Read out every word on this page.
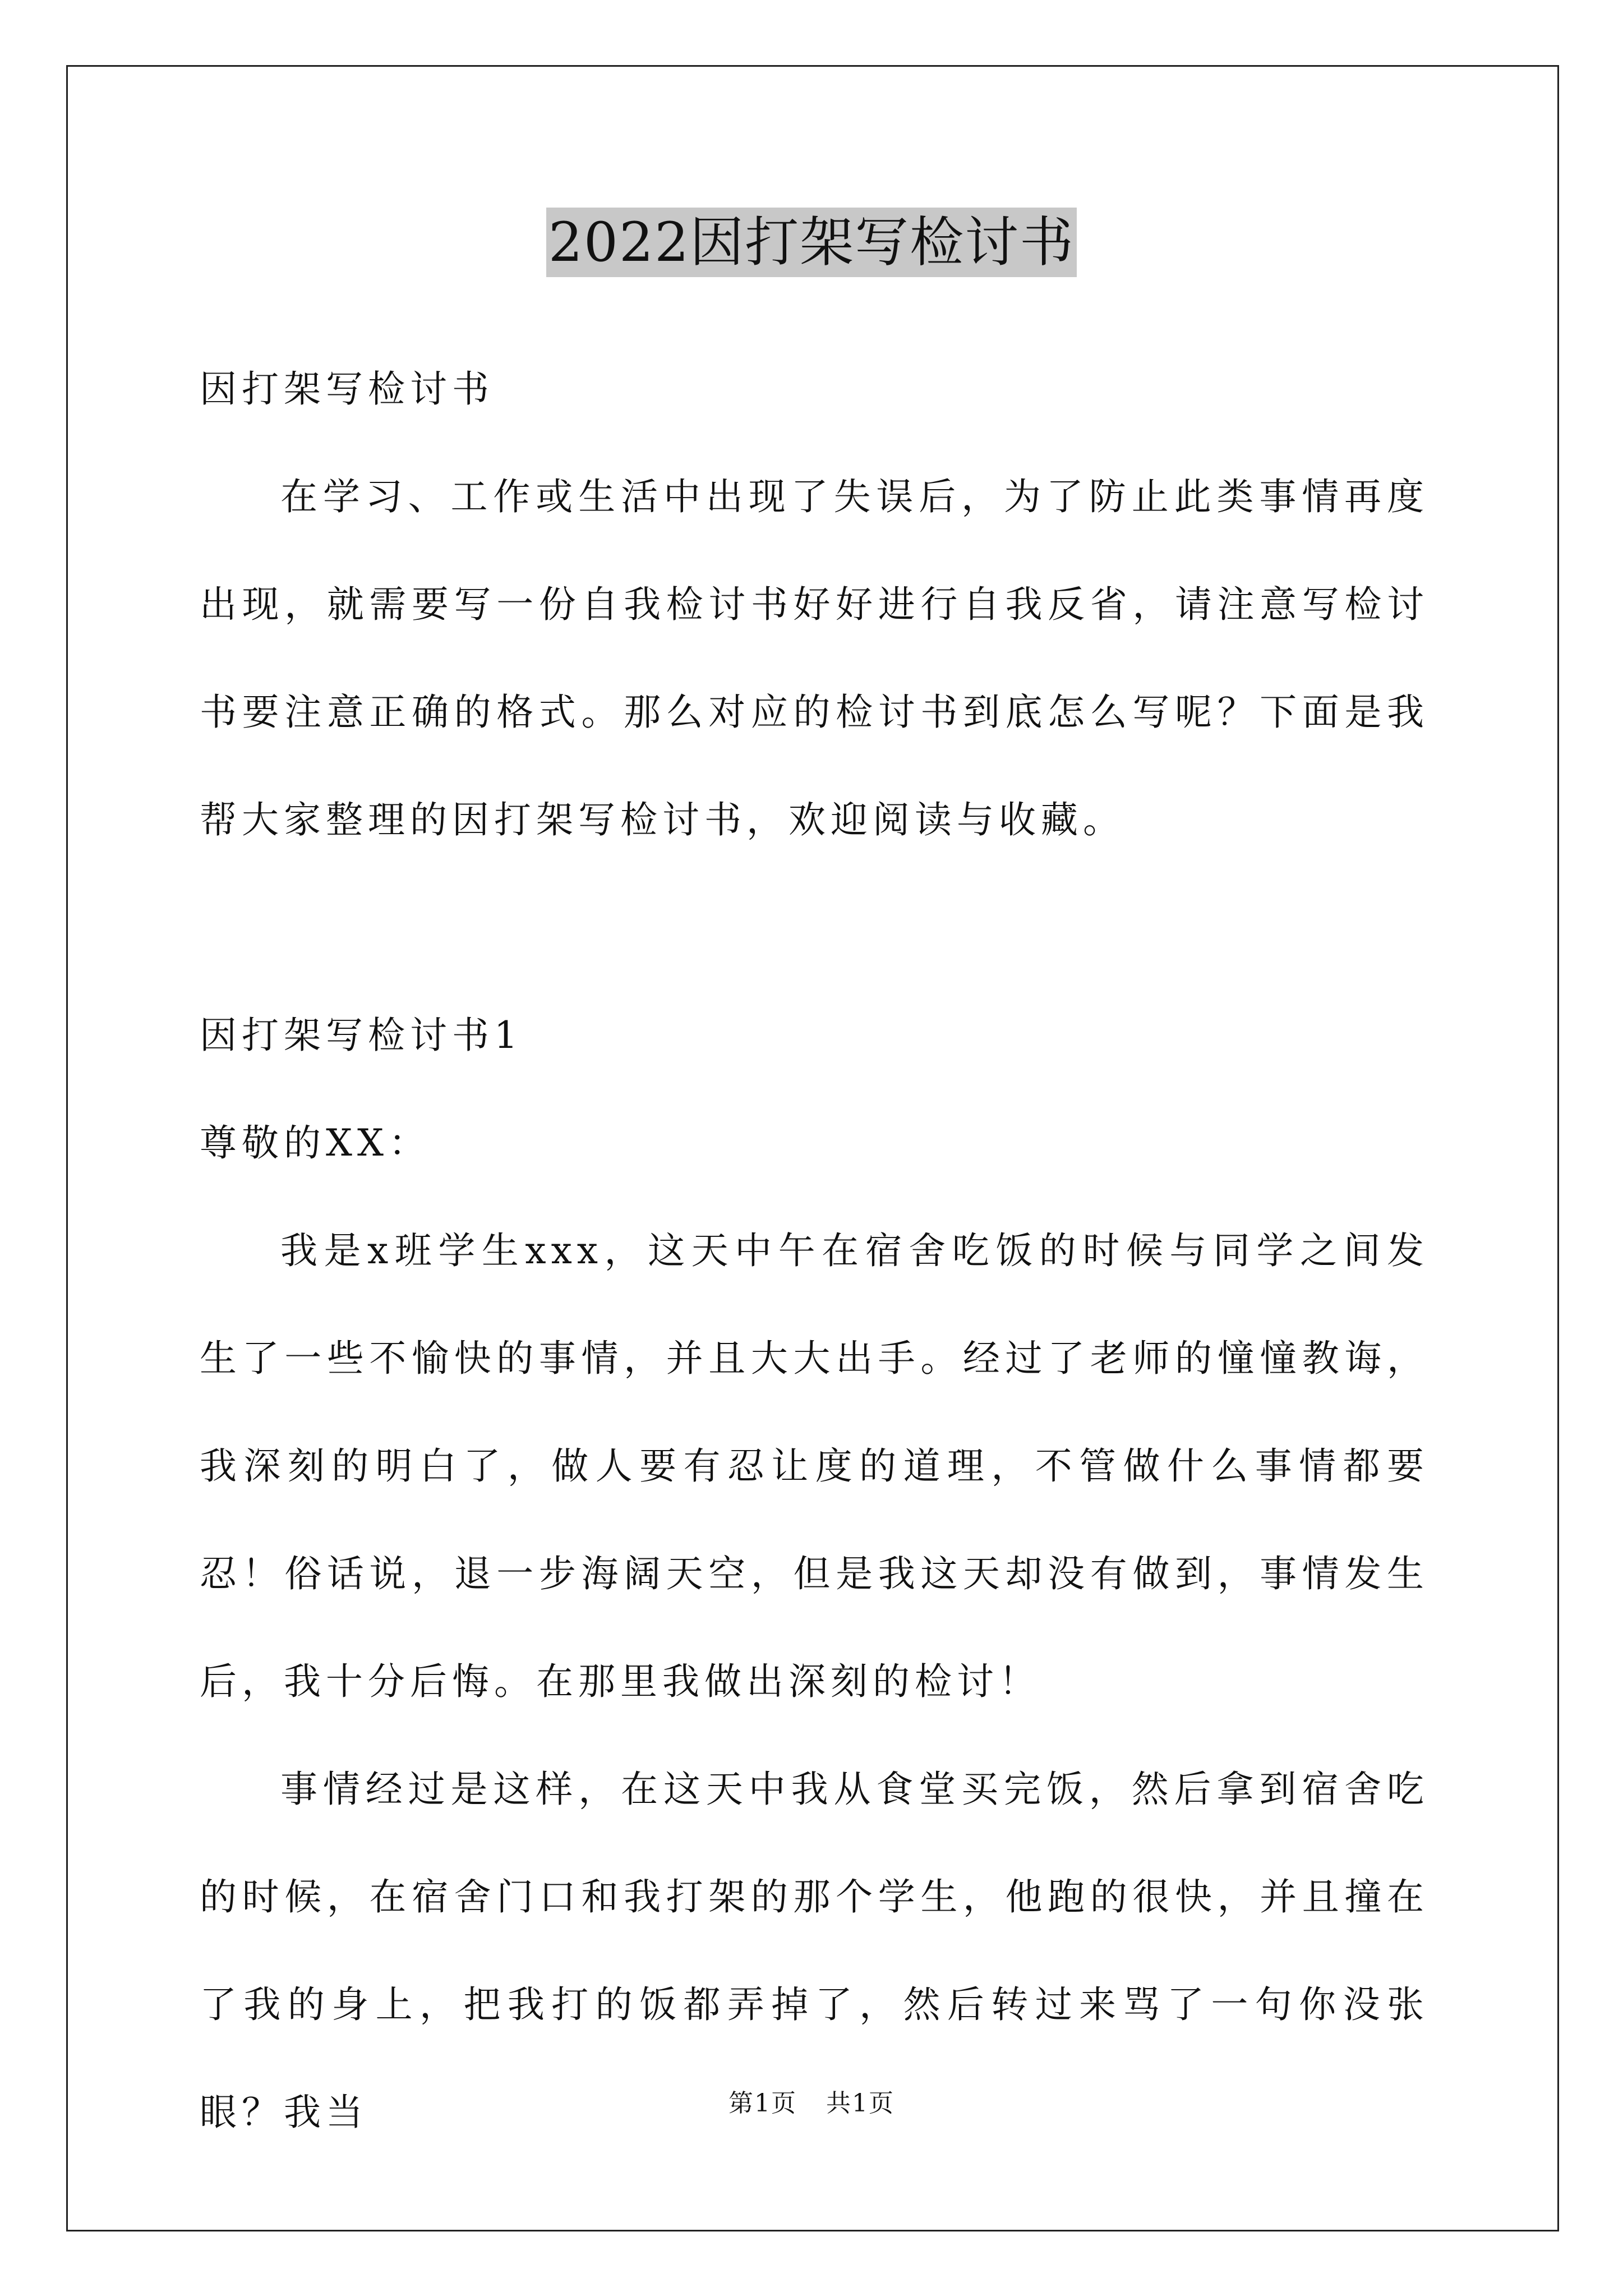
2022因打架写检讨书

因打架写检讨书

在学习、工作或生活中出现了失误后，为了防止此类事情再度出现，就需要写一份自我检讨书好好进行自我反省，请注意写检讨书要注意正确的格式。那么对应的检讨书到底怎么写呢？下面是我帮大家整理的因打架写检讨书，欢迎阅读与收藏。

因打架写检讨书1

尊敬的XX：

我是x班学生xxx，这天中午在宿舍吃饭的时候与同学之间发生了一些不愉快的事情，并且大大出手。经过了老师的憧憧教诲，我深刻的明白了，做人要有忍让度的道理，不管做什么事情都要忍！俗话说，退一步海阔天空，但是我这天却没有做到，事情发生后，我十分后悔。在那里我做出深刻的检讨！

事情经过是这样，在这天中我从食堂买完饭，然后拿到宿舍吃的时候，在宿舍门口和我打架的那个学生，他跑的很快，并且撞在了我的身上，把我打的饭都弄掉了，然后转过来骂了一句你没张眼？我当	第1页 共1页
